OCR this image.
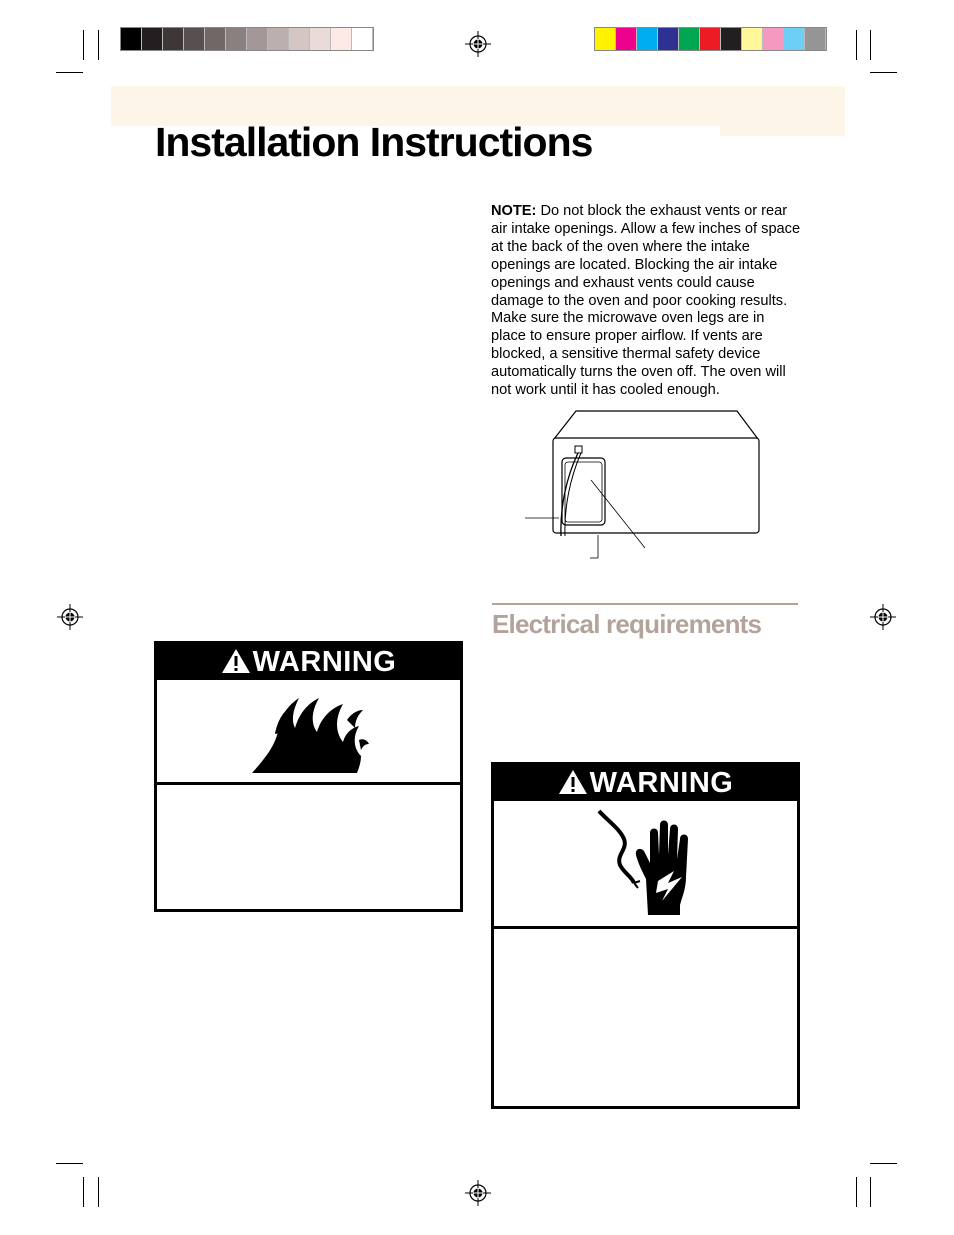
Installation Instructions
NOTE: Do not block the exhaust vents or rear air intake openings. Allow a few inches of space at the back of the oven where the intake openings are located. Blocking the air intake openings and exhaust vents could cause damage to the oven and poor cooking results. Make sure the microwave oven legs are in place to ensure proper airflow. If vents are blocked, a sensitive thermal safety device automatically turns the oven off. The oven will not work until it has cooled enough.
Electrical requirements
WARNING
WARNING
